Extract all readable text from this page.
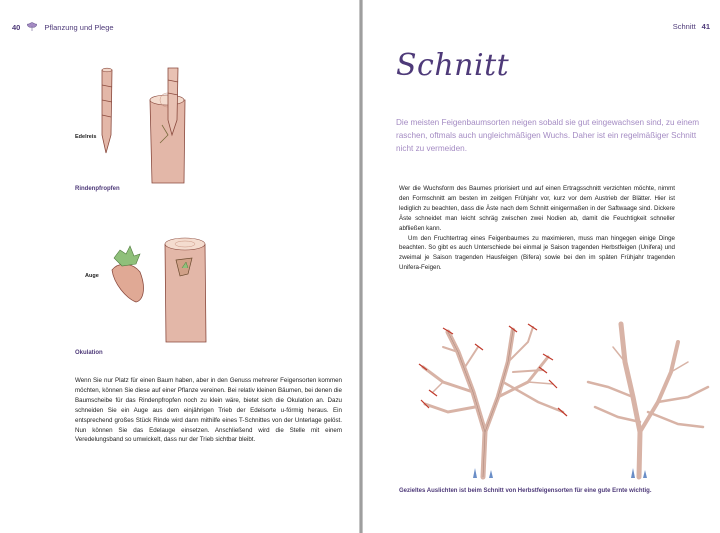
40	Pflanzung und Plege
Edelreis
Rindenpfropfen
Auge
Okulation

Wenn Sie nur Platz für einen Baum haben, aber in den Genuss mehrerer Feigensorten kommen möchten, können Sie diese auf einer Pflanze vereinen. Bei relativ kleinen Bäumen, bei denen die Baumscheibe für das Rindenpfropfen noch zu klein wäre, bietet sich die Okulation an. Dazu schneiden Sie ein Auge aus dem einjährigen Trieb der Edelsorte u-förmig heraus. Ein entsprechend großes Stück Rinde wird dann mithilfe eines T-Schnittes von der Unterlage gelöst. Nun können Sie das Edelauge einsetzen. Anschließend wird die Stelle mit einem Veredelungsband so umwickelt, dass nur der Trieb sichtbar bleibt.

Schnitt 41
Schnitt
Die meisten Feigenbaumsorten neigen sobald sie gut eingewachsen sind, zu einem raschen, oftmals auch ungleichmäßigen Wuchs. Daher ist ein regelmäßiger Schnitt nicht zu vermeiden.

Wer die Wuchsform des Baumes priorisiert und auf einen Ertragsschnitt verzichten möchte, nimmt den Formschnitt am besten im zeitigen Frühjahr vor, kurz vor dem Austrieb der Blätter. Hier ist lediglich zu beachten, dass die Äste nach dem Schnitt einigermaßen in der Saftwaage sind. Dickere Äste schneidet man leicht schräg zwischen zwei Nodien ab, damit die Feuchtigkeit schneller abfließen kann.

Um den Fruchtertrag eines Feigenbaumes zu maximieren, muss man hingegen einige Dinge beachten. So gibt es auch Unterschiede bei einmal je Saison tragenden Herbstfeigen (Unifera) und zweimal je Saison tragenden Hausfeigen (Bifera) sowie bei den im späten Frühjahr tragenden Unifera-Feigen.

Gezieltes Auslichten ist beim Schnitt von Herbstfeigensorten für eine gute Ernte wichtig.
